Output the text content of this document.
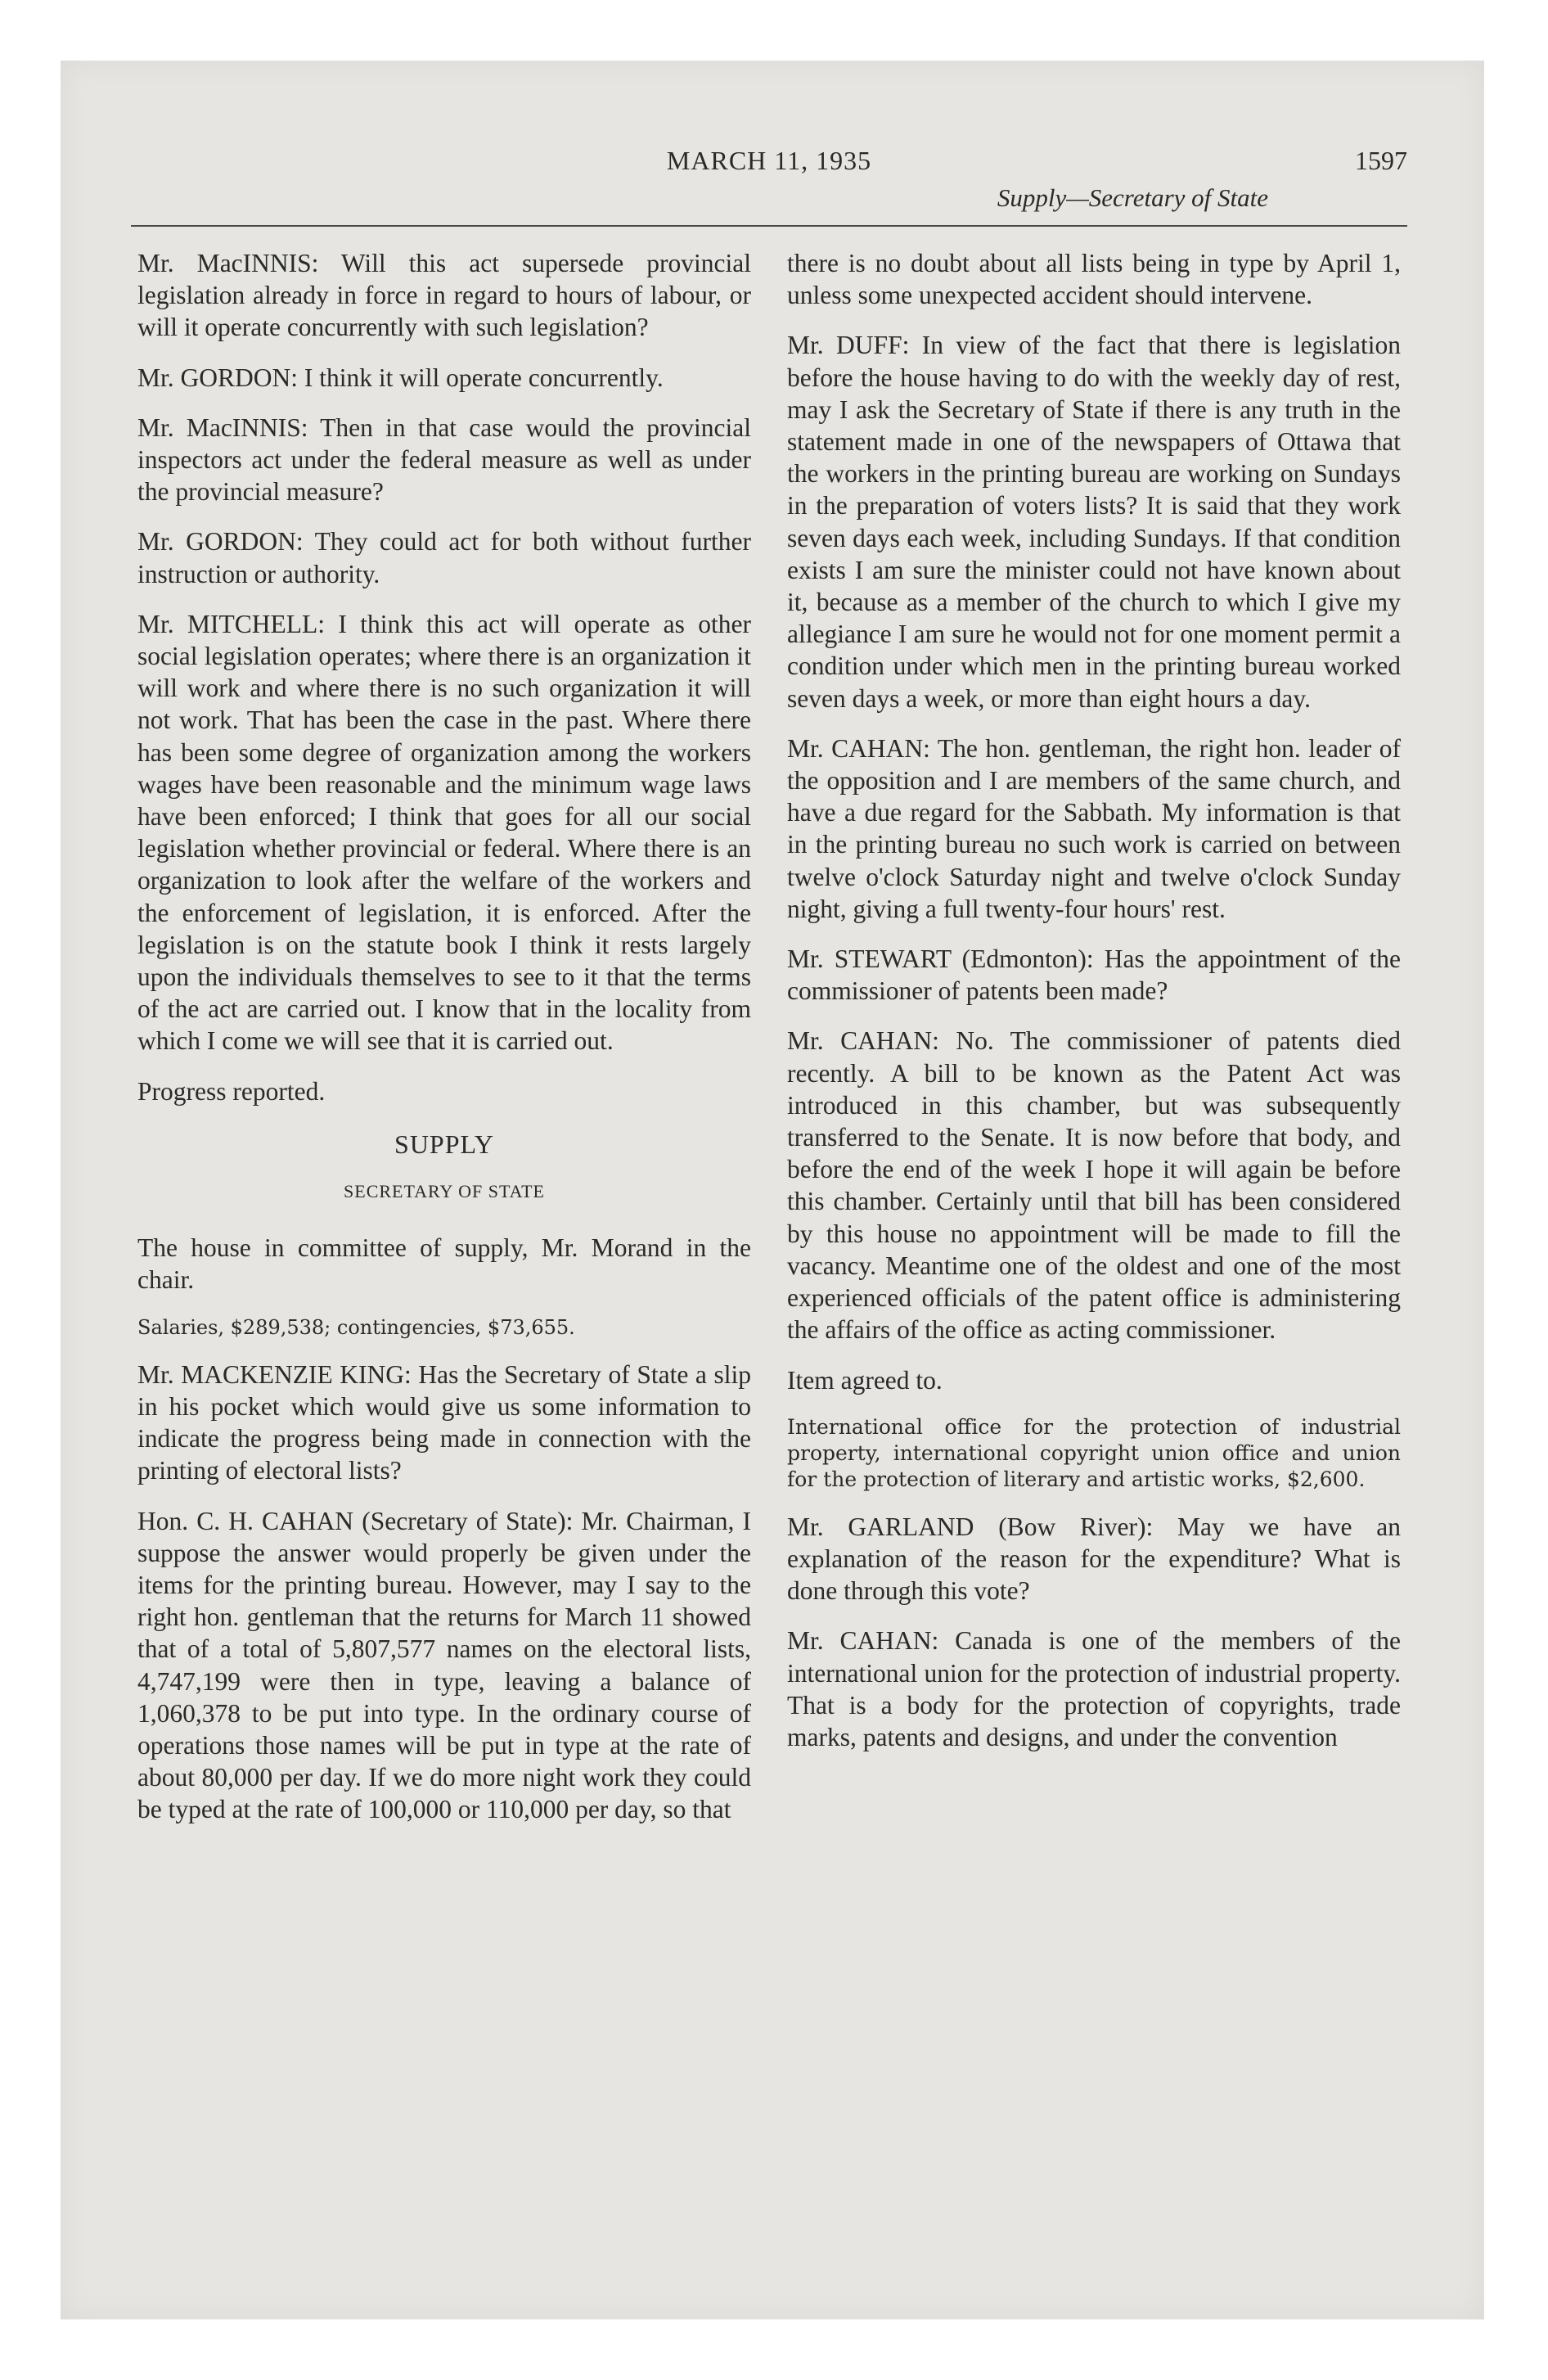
MARCH 11, 1935	1597
Supply—Secretary of State

Mr. MacINNIS: Will this act supersede provincial legislation already in force in regard to hours of labour, or will it operate concurrently with such legislation?

Mr. GORDON: I think it will operate concurrently.

Mr. MacINNIS: Then in that case would the provincial inspectors act under the federal measure as well as under the provincial measure?

Mr. GORDON: They could act for both without further instruction or authority.

Mr. MITCHELL: I think this act will operate as other social legislation operates; where there is an organization it will work and where there is no such organization it will not work. That has been the case in the past. Where there has been some degree of organization among the workers wages have been reasonable and the minimum wage laws have been enforced; I think that goes for all our social legislation whether provincial or federal. Where there is an organization to look after the welfare of the workers and the enforcement of legislation, it is enforced. After the legislation is on the statute book I think it rests largely upon the individuals themselves to see to it that the terms of the act are carried out. I know that in the locality from which I come we will see that it is carried out.

Progress reported.

SUPPLY
SECRETARY OF STATE

The house in committee of supply, Mr. Morand in the chair.

Salaries, $289,538; contingencies, $73,655.

Mr. MACKENZIE KING: Has the Secretary of State a slip in his pocket which would give us some information to indicate the progress being made in connection with the printing of electoral lists?

Hon. C. H. CAHAN (Secretary of State): Mr. Chairman, I suppose the answer would properly be given under the items for the printing bureau. However, may I say to the right hon. gentleman that the returns for March 11 showed that of a total of 5,807,577 names on the electoral lists, 4,747,199 were then in type, leaving a balance of 1,060,378 to be put into type. In the ordinary course of operations those names will be put in type at the rate of about 80,000 per day. If we do more night work they could be typed at the rate of 100,000 or 110,000 per day, so that

there is no doubt about all lists being in type by April 1, unless some unexpected accident should intervene.

Mr. DUFF: In view of the fact that there is legislation before the house having to do with the weekly day of rest, may I ask the Secretary of State if there is any truth in the statement made in one of the newspapers of Ottawa that the workers in the printing bureau are working on Sundays in the preparation of voters lists? It is said that they work seven days each week, including Sundays. If that condition exists I am sure the minister could not have known about it, because as a member of the church to which I give my allegiance I am sure he would not for one moment permit a condition under which men in the printing bureau worked seven days a week, or more than eight hours a day.

Mr. CAHAN: The hon. gentleman, the right hon. leader of the opposition and I are members of the same church, and have a due regard for the Sabbath. My information is that in the printing bureau no such work is carried on between twelve o'clock Saturday night and twelve o'clock Sunday night, giving a full twenty-four hours' rest.

Mr. STEWART (Edmonton): Has the appointment of the commissioner of patents been made?

Mr. CAHAN: No. The commissioner of patents died recently. A bill to be known as the Patent Act was introduced in this chamber, but was subsequently transferred to the Senate. It is now before that body, and before the end of the week I hope it will again be before this chamber. Certainly until that bill has been considered by this house no appointment will be made to fill the vacancy. Meantime one of the oldest and one of the most experienced officials of the patent office is administering the affairs of the office as acting commissioner.

Item agreed to.

International office for the protection of industrial property, international copyright union office and union for the protection of literary and artistic works, $2,600.

Mr. GARLAND (Bow River): May we have an explanation of the reason for the expenditure? What is done through this vote?

Mr. CAHAN: Canada is one of the members of the international union for the protection of industrial property. That is a body for the protection of copyrights, trade marks, patents and designs, and under the convention
